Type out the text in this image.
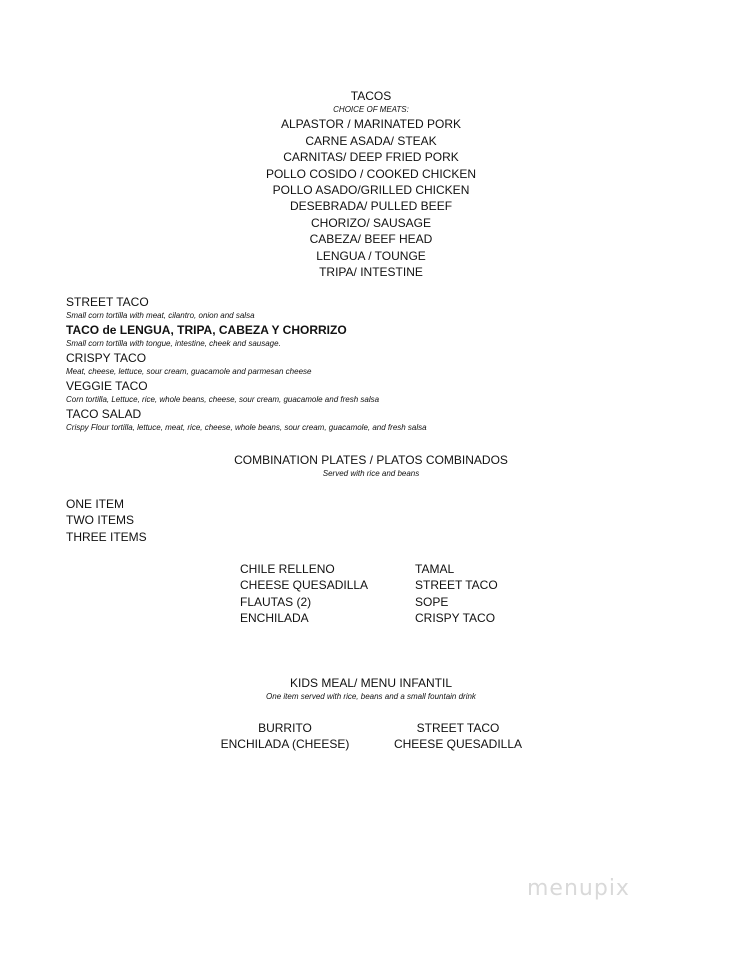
TACOS
CHOICE OF MEATS:
ALPASTOR / MARINATED PORK
CARNE ASADA/ STEAK
CARNITAS/ DEEP FRIED PORK
POLLO COSIDO / COOKED CHICKEN
POLLO ASADO/GRILLED CHICKEN
DESEBRADA/ PULLED BEEF
CHORIZO/ SAUSAGE
CABEZA/ BEEF HEAD
LENGUA / TOUNGE
TRIPA/ INTESTINE
STREET TACO
Small corn tortilla with meat, cilantro, onion and salsa
TACO de LENGUA, TRIPA, CABEZA Y CHORRIZO
Small corn tortilla with tongue, intestine, cheek and sausage.
CRISPY TACO
Meat, cheese, lettuce, sour cream, guacamole and parmesan cheese
VEGGIE TACO
Corn tortilla, Lettuce, rice, whole beans, cheese, sour cream, guacamole and fresh salsa
TACO SALAD
Crispy Flour tortilla, lettuce, meat, rice, cheese, whole beans, sour cream, guacamole, and fresh salsa
COMBINATION PLATES / PLATOS COMBINADOS
Served with rice and beans
ONE ITEM
TWO ITEMS
THREE ITEMS
CHILE RELLENO
CHEESE QUESADILLA
FLAUTAS (2)
ENCHILADA
TAMAL
STREET TACO
SOPE
CRISPY TACO
KIDS MEAL/ MENU INFANTIL
One item served with rice, beans and a small fountain drink
BURRITO
ENCHILADA (CHEESE)
STREET TACO
CHEESE QUESADILLA
menupix
